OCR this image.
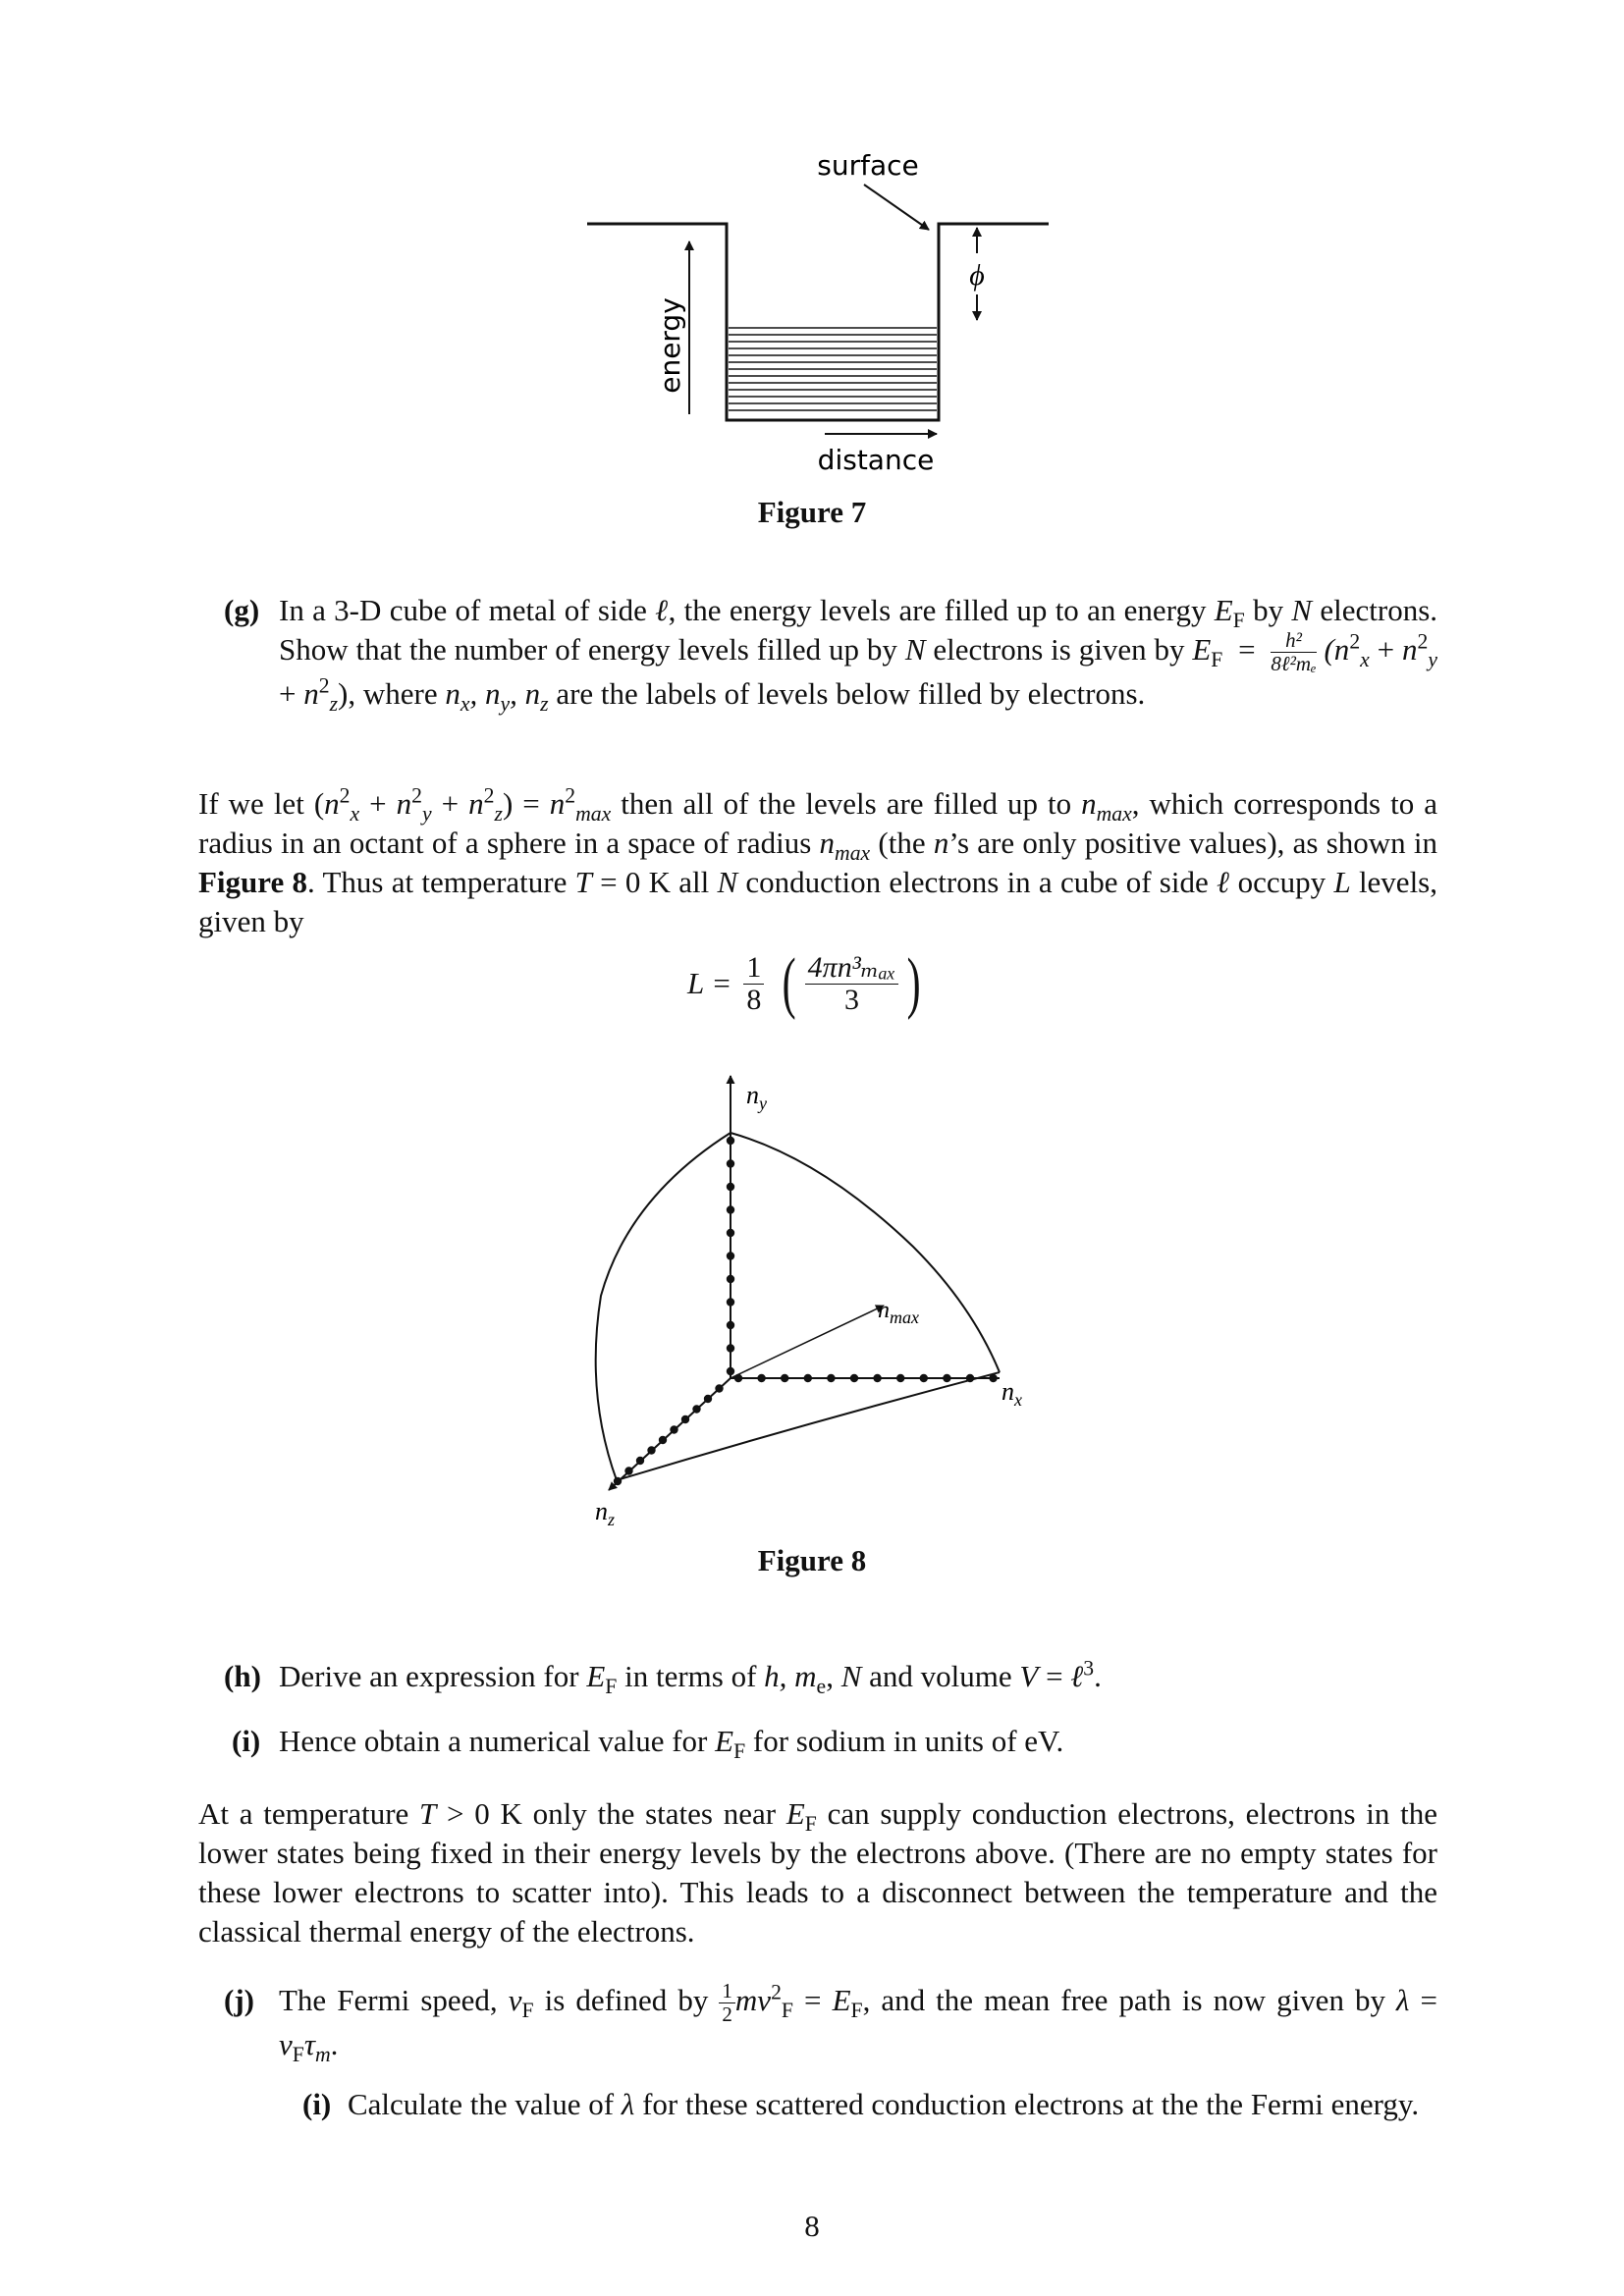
ϕ
surface
distance
energy
Figure 7
(g) In a 3-D cube of metal of side ℓ, the energy levels are filled up to an energy $E_F$ by N electrons. Show that the number of energy levels filled up by N electrons is given by $E_F = \frac{\text{h²}}{\text{8ℓ²mₑ}} (n^2_x + n^2_y + n^2_z)$, where $n_x$, $n_y$, $n_z$ are the labels of levels below filled by electrons.
If we let $(n^2_x + n^2_y + n^2_z) = n^2_{max}$ then all of the levels are filled up to $n_{max}$, which corresponds to a radius in an octant of a sphere in a space of radius $n_{max}$ (the n’s are only positive values), as shown in Figure 8. Thus at temperature T = 0 K all N conduction electrons in a cube of side ℓ occupy L levels, given by
$L = \frac{1}{8}$ ( $\frac{\text{4πn³ₘₐₓ}}{3}$ )
$n_y$
$n_x$
$n_z$
$n_{max}$
Figure 8
(h) Derive an expression for $E_F$ in terms of h, $m_e$, N and volume V = ℓ$^3$.
(i) Hence obtain a numerical value for $E_F$ for sodium in units of eV.
At a temperature T > 0 K only the states near $E_F$ can supply conduction electrons, electrons in the lower states being fixed in their energy levels by the electrons above. (There are no empty states for these lower electrons to scatter into). This leads to a disconnect between the temperature and the classical thermal energy of the electrons.
(j) The Fermi speed, $v_F$ is defined by $\frac{1}{2} mv^2_F = E_F$, and the mean free path is now given by $\lambda = v_F\tau_m$.
(i) Calculate the value of λ for these scattered conduction electrons at the the Fermi energy.
8
